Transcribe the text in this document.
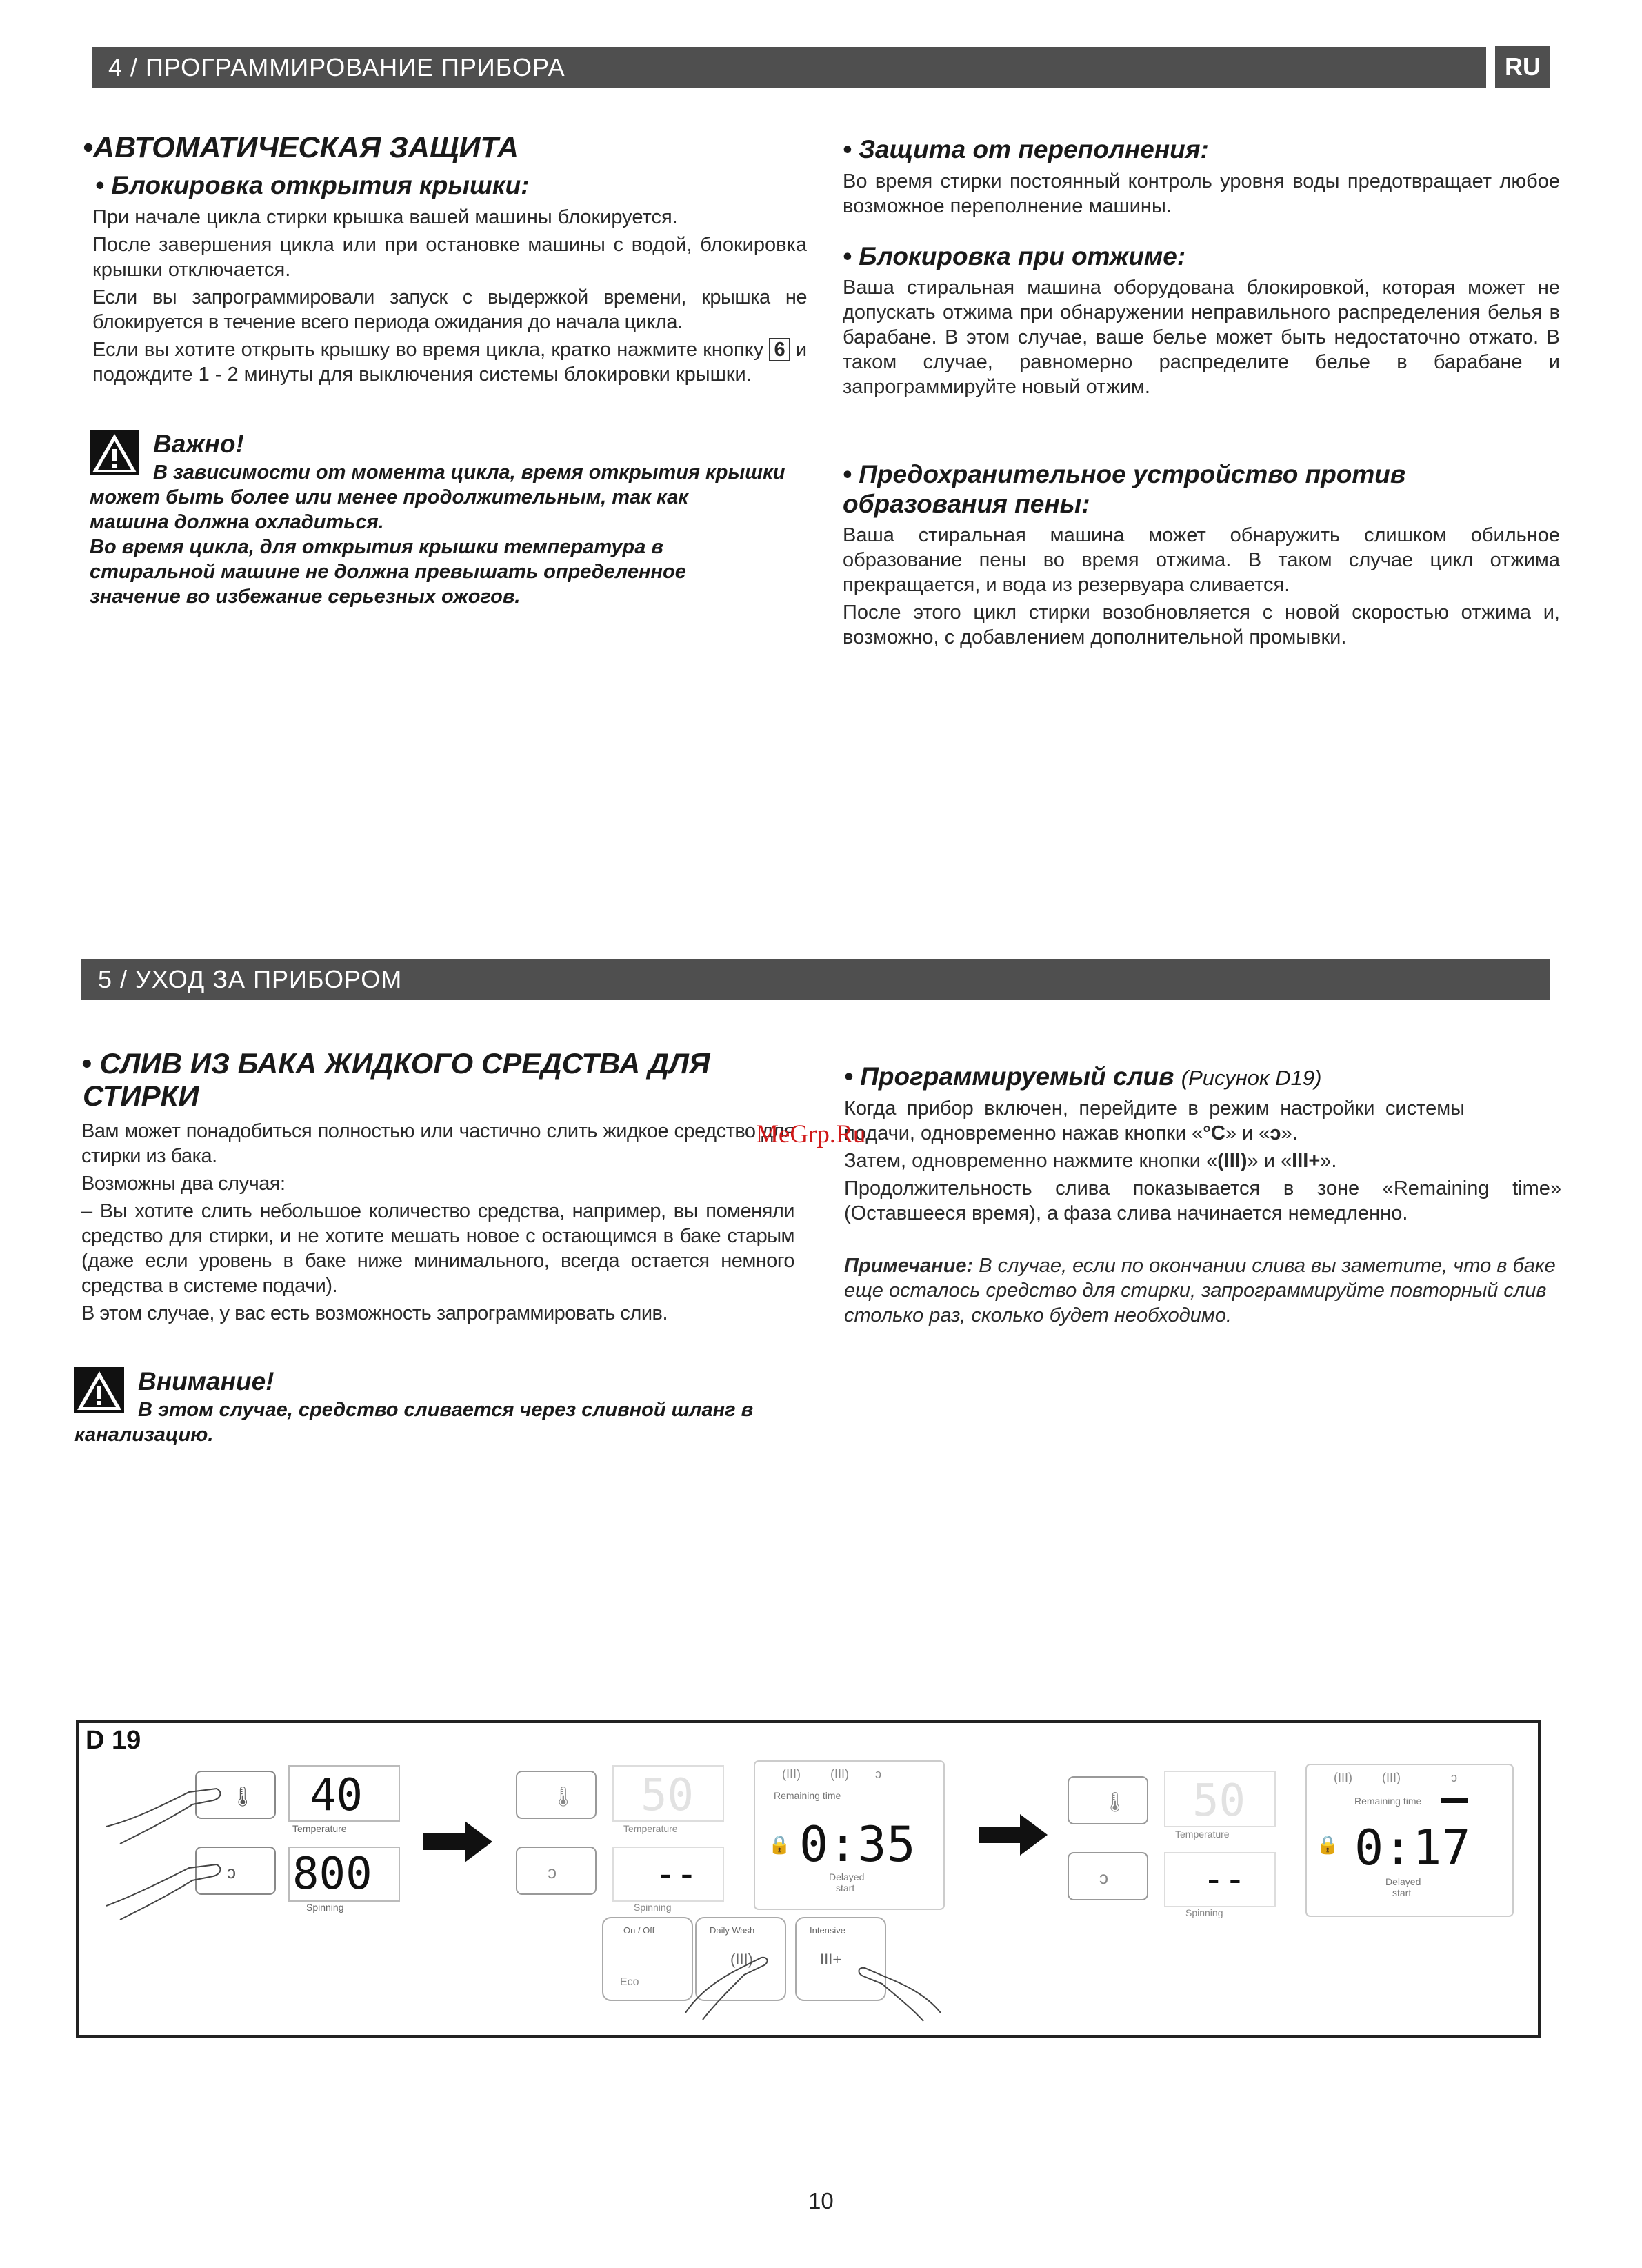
4 / ПРОГРАММИРОВАНИЕ ПРИБОРА	RU
•АВТОМАТИЧЕСКАЯ ЗАЩИТА
• Блокировка открытия крышки:

При начале цикла стирки крышка вашей машины блокируется.

После завершения цикла или при остановке машины с водой, блокировка крышки отключается.

Если вы запрограммировали запуск с выдержкой времени, крышка не блокируется в течение всего периода ожидания до начала цикла.

Если вы хотите открыть крышку во время цикла, кратко нажмите кнопку 6 и подождите 1 - 2 минуты для выключения системы блокировки крышки.

Важно!

В зависимости от момента цикла, время открытия крышки

может быть более или менее продолжительным, так как

машина должна охладиться.

Во время цикла, для открытия крышки температура в

стиральной машине не должна превышать определенное

значение во избежание серьезных ожогов.

• Защита от переполнения:

Во время стирки постоянный контроль уровня воды предотвращает любое возможное переполнение машины.

• Блокировка при отжиме:

Ваша стиральная машина оборудована блокировкой, которая может не допускать отжима при обнаружении неправильного распределения белья в барабане. В этом случае, ваше белье может быть недостаточно отжато. В таком случае, равномерно распределите белье в барабане и запрограммируйте новый отжим.

• Предохранительное устройство против образования пены:

Ваша стиральная машина может обнаружить слишком обильное образование пены во время отжима. В таком случае цикл отжима прекращается, и вода из резервуара сливается.

После этого цикл стирки возобновляется с новой скоростью отжима и, возможно, с добавлением дополнительной промывки.

5 / УХОД ЗА ПРИБОРОМ
• СЛИВ ИЗ БАКА ЖИДКОГО СРЕДСТВА ДЛЯ СТИРКИ

Вам может понадобиться полностью или частично слить жидкое средство для стирки из бака.

Возможны два случая:

– Вы хотите слить небольшое количество средства, например, вы поменяли средство для стирки, и не хотите мешать новое с остающимся в баке старым (даже если уровень в баке ниже минимального, всегда остается немного средства в системе подачи).

В этом случае, у вас есть возможность запрограммировать слив.

Внимание!

В этом случае, средство сливается через сливной шланг в

канализацию.

• Программируемый слив (Рисунок D19)

Когда прибор включен, перейдите в режим настройки системы подачи, одновременно нажав кнопки «°C» и «ↄ».

Затем, одновременно нажмите кнопки «(III)» и «III+».

Продолжительность слива показывается в зоне «Remaining time» (Оставшееся время), а фаза слива начинается немедленно.

Примечание: В случае, если по окончании слива вы заметите, что в баке еще осталось средство для стирки, запрограммируйте повторный слив столько раз, сколько будет необходимо.

MeGrp.Ru
D 19
🌡
ↄ
40
Temperature
800
Spinning
🌡
ↄ
50
Temperature
--
Spinning
(III) (III) ↄ
Remaining time
🔒 0:35
Delayed
start
On / Off
Eco
Daily Wash
(III)
Intensive
III+
🌡
ↄ
50
Temperature
--
Spinning
(III) (III)	ↄ
Remaining time
🔒 0:17
Delayed
start
10
